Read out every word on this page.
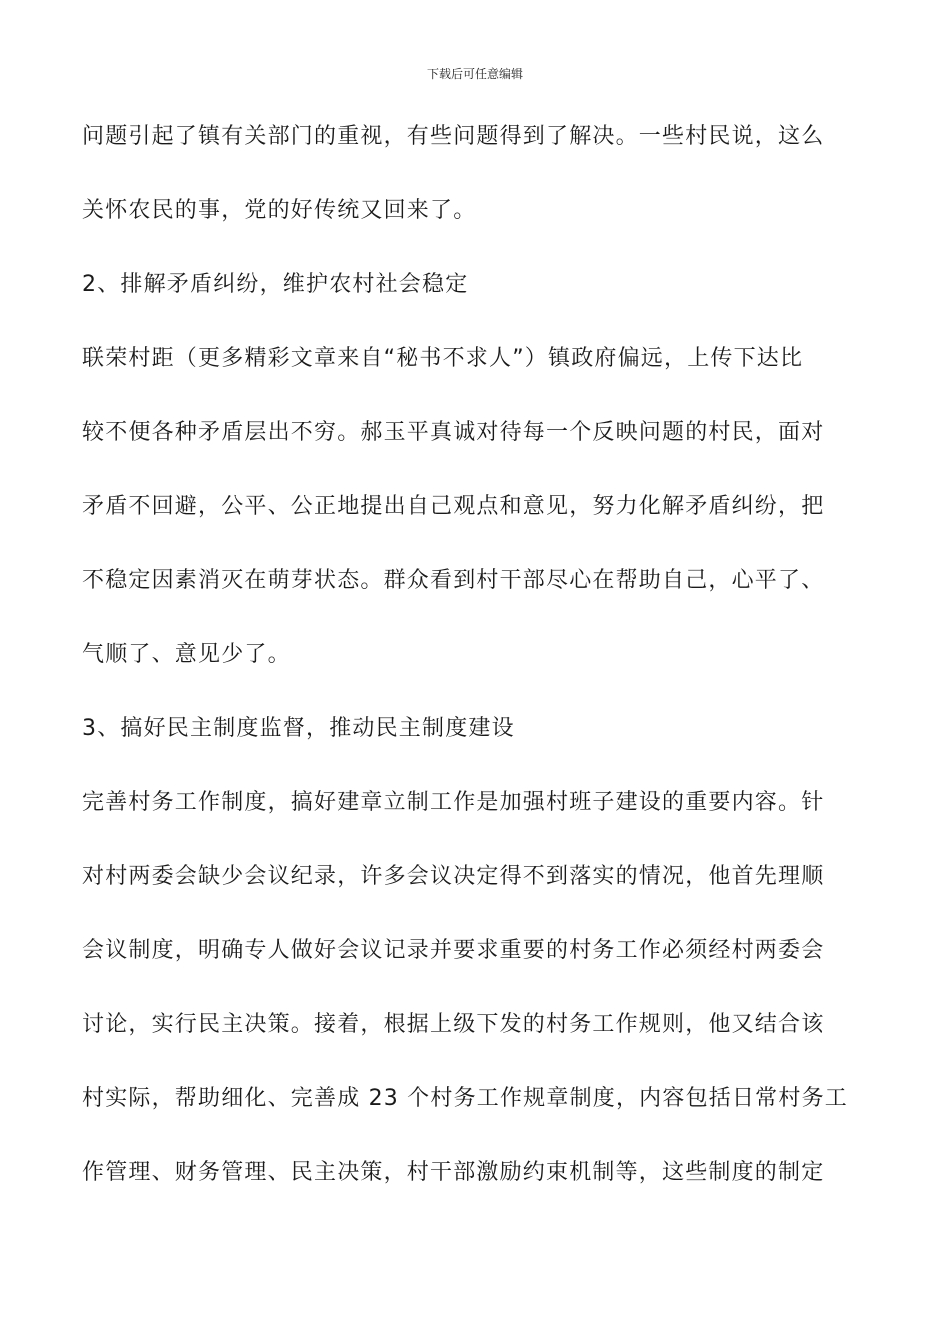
下载后可任意编辑
问题引起了镇有关部门的重视，有些问题得到了解决。一些村民说，这么
关怀农民的事，党的好传统又回来了。
2、排解矛盾纠纷，维护农村社会稳定
联荣村距（更多精彩文章来自“秘书不求人”）镇政府偏远，上传下达比
较不便各种矛盾层出不穷。郝玉平真诚对待每一个反映问题的村民，面对
矛盾不回避，公平、公正地提出自己观点和意见，努力化解矛盾纠纷，把
不稳定因素消灭在萌芽状态。群众看到村干部尽心在帮助自己，心平了、
气顺了、意见少了。
3、搞好民主制度监督，推动民主制度建设
完善村务工作制度，搞好建章立制工作是加强村班子建设的重要内容。针
对村两委会缺少会议纪录，许多会议决定得不到落实的情况，他首先理顺
会议制度，明确专人做好会议记录并要求重要的村务工作必须经村两委会
讨论，实行民主决策。接着，根据上级下发的村务工作规则，他又结合该
村实际，帮助细化、完善成 23 个村务工作规章制度，内容包括日常村务工
作管理、财务管理、民主决策，村干部激励约束机制等，这些制度的制定
